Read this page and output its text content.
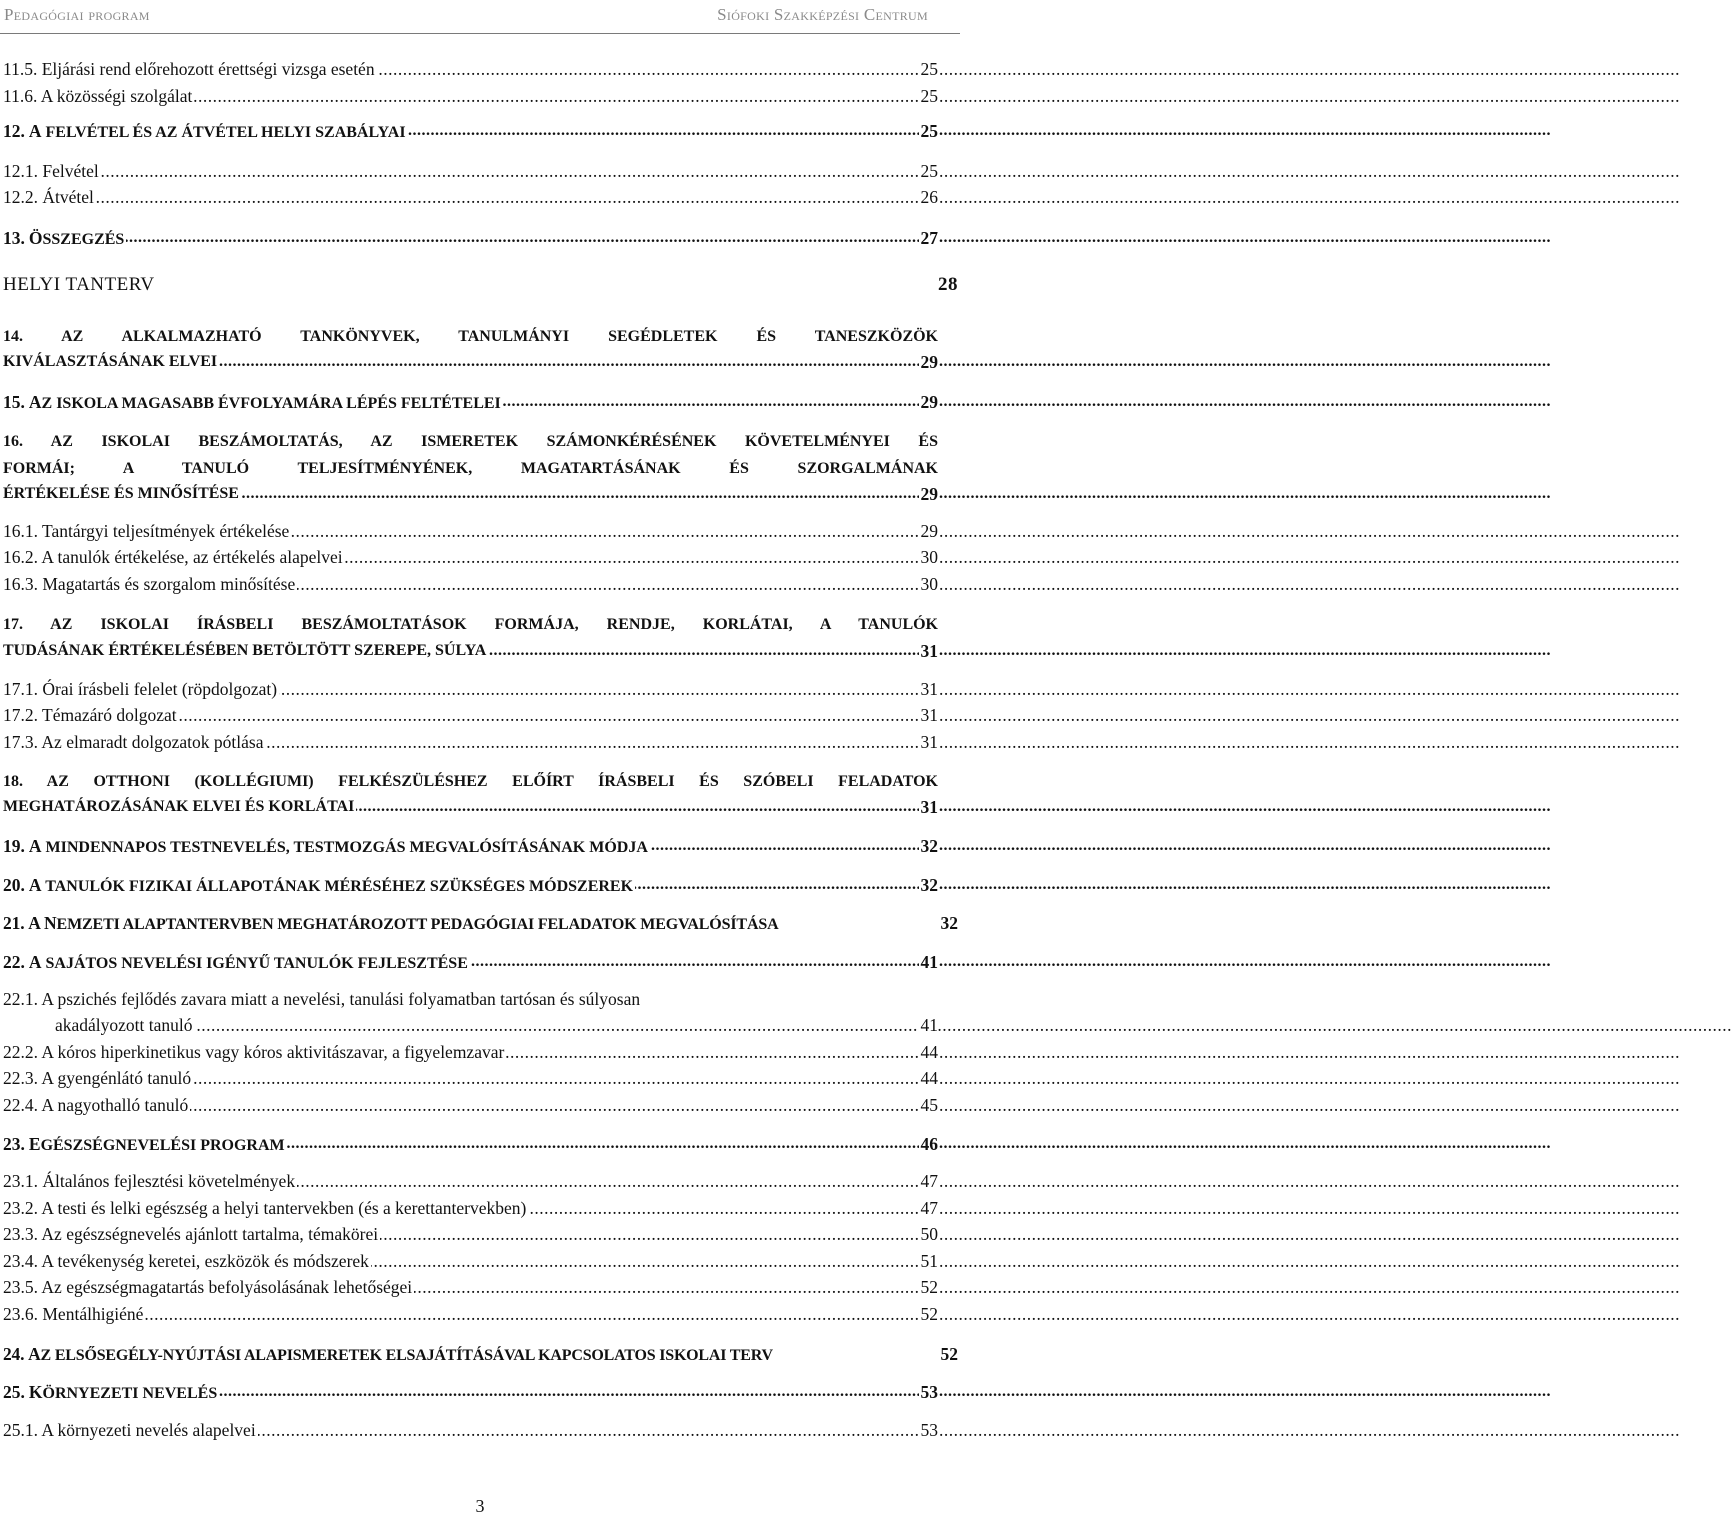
Pedagógiai program	Siófoki Szakképzési Centrum
11.5. Eljárási rend előrehozott érettségi vizsga esetén	25
.....
11.6. A közösségi szolgálat	25
.....
12. A FELVÉTEL ÉS AZ ÁTVÉTEL HELYI SZABÁLYAI	25
.....
12.1. Felvétel	25
.....
12.2. Átvétel	26
.....
13. ÖSSZEGZÉS	27
.....
HELYI TANTERV	28
14. AZ ALKALMAZHATÓ TANKÖNYVEK, TANULMÁNYI SEGÉDLETEK ÉS TANESZKÖZÖK
KIVÁLASZTÁSÁNAK ELVEI	29
.....
15. AZ ISKOLA MAGASABB ÉVFOLYAMÁRA LÉPÉS FELTÉTELEI	29
.....
16. AZ ISKOLAI BESZÁMOLTATÁS, AZ ISMERETEK SZÁMONKÉRÉSÉNEK KÖVETELMÉNYEI ÉS
FORMÁI; A TANULÓ TELJESÍTMÉNYÉNEK, MAGATARTÁSÁNAK ÉS SZORGALMÁNAK
ÉRTÉKELÉSE ÉS MINŐSÍTÉSE	29
.....
16.1. Tantárgyi teljesítmények értékelése	29
.....
16.2. A tanulók értékelése, az értékelés alapelvei	30
.....
16.3. Magatartás és szorgalom minősítése	30
.....
17. AZ ISKOLAI ÍRÁSBELI BESZÁMOLTATÁSOK FORMÁJA, RENDJE, KORLÁTAI, A TANULÓK
TUDÁSÁNAK ÉRTÉKELÉSÉBEN BETÖLTÖTT SZEREPE, SÚLYA	31
.....
17.1. Órai írásbeli felelet (röpdolgozat)	31
.....
17.2. Témazáró dolgozat	31
.....
17.3. Az elmaradt dolgozatok pótlása	31
.....
18. AZ OTTHONI (KOLLÉGIUMI) FELKÉSZÜLÉSHEZ ELŐÍRT ÍRÁSBELI ÉS SZÓBELI FELADATOK
MEGHATÁROZÁSÁNAK ELVEI ÉS KORLÁTAI	31
.....
19. A MINDENNAPOS TESTNEVELÉS, TESTMOZGÁS MEGVALÓSÍTÁSÁNAK MÓDJA	32
.....
20. A TANULÓK FIZIKAI ÁLLAPOTÁNAK MÉRÉSÉHEZ SZÜKSÉGES MÓDSZEREK	32
.....
21. A NEMZETI ALAPTANTERVBEN MEGHATÁROZOTT PEDAGÓGIAI FELADATOK MEGVALÓSÍTÁSA	32
22. A SAJÁTOS NEVELÉSI IGÉNYŰ TANULÓK FEJLESZTÉSE	41
.....
22.1. A pszichés fejlődés zavara miatt a nevelési, tanulási folyamatban tartósan és súlyosan
akadályozott tanuló	41
.....
22.2. A kóros hiperkinetikus vagy kóros aktivitászavar, a figyelemzavar	44
.....
22.3. A gyengénlátó tanuló	44
.....
22.4. A nagyothalló tanuló	45
.....
23. EGÉSZSÉGNEVELÉSI PROGRAM	46
.....
23.1. Általános fejlesztési követelmények	47
.....
23.2. A testi és lelki egészség a helyi tantervekben (és a kerettantervekben)	47
.....
23.3. Az egészségnevelés ajánlott tartalma, témakörei	50
.....
23.4. A tevékenység keretei, eszközök és módszerek	51
.....
23.5. Az egészségmagatartás befolyásolásának lehetőségei	52
.....
23.6. Mentálhigiéné	52
.....
24. AZ ELSŐSEGÉLY-NYÚJTÁSI ALAPISMERETEK ELSAJÁTÍTÁSÁVAL KAPCSOLATOS ISKOLAI TERV	52
25. KÖRNYEZETI NEVELÉS	53
.....
25.1. A környezeti nevelés alapelvei	53
.....
3
